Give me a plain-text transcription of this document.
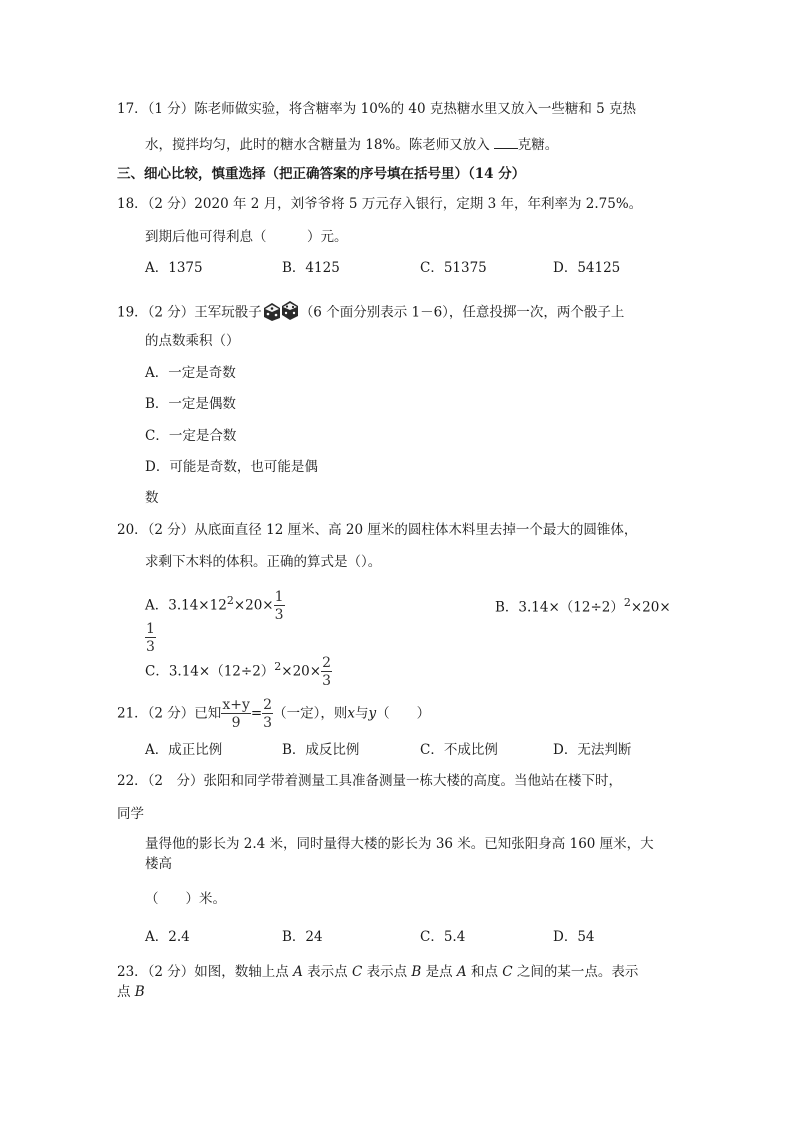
17．（1 分）陈老师做实验，将含糖率为 10%的 40 克热糖水里又放入一些糖和 5 克热
水，搅拌均匀，此时的糖水含糖量为 18%。陈老师又放入 克糖。
三、细心比较，慎重选择（把正确答案的序号填在括号里）（14 分）
18．（2 分）2020 年 2 月，刘爷爷将 5 万元存入银行，定期 3 年，年利率为 2.75%。
到期后他可得利息（　　　）元。
A．1375	B．4125	C．51375	D．54125
19．（2 分）王军玩骰子	（6 个面分别表示 1－6），任意投掷一次，两个骰子上
的点数乘积（）
A．一定是奇数
B．一定是偶数
C．一定是合数
D．可能是奇数，也可能是偶
数
20．（2 分）从底面直径 12 厘米、高 20 厘米的圆柱体木料里去掉一个最大的圆锥体，
求剩下木料的体积。正确的算式是（）。
A．$3.14\times 12^2\times 20\times \frac{1}{3}$	B．$3.14\times(12\div 2)^2\times 20\times$
$\frac{1}{3}$
C．$3.14\times(12\div 2)^2\times 20\times \frac{2}{3}$
21．（2 分）已知 $\frac{x+y}{9} = \frac{2}{3}$ （一定），则x与y（　　）
A．成正比例	B．成反比例	C．不成比例	D．无法判断
22．（2　分）张阳和同学带着测量工具准备测量一栋大楼的高度。当他站在楼下时，
同学
量得他的影长为 2.4 米，同时量得大楼的影长为 36 米。已知张阳身高 160 厘米，大
楼高
（　　）米。
A．2.4	B．24	C．5.4	D．54
23．（2 分）如图，数轴上点 A 表示点 C 表示点 B 是点 A 和点 C 之间的某一点。表示
点 B
